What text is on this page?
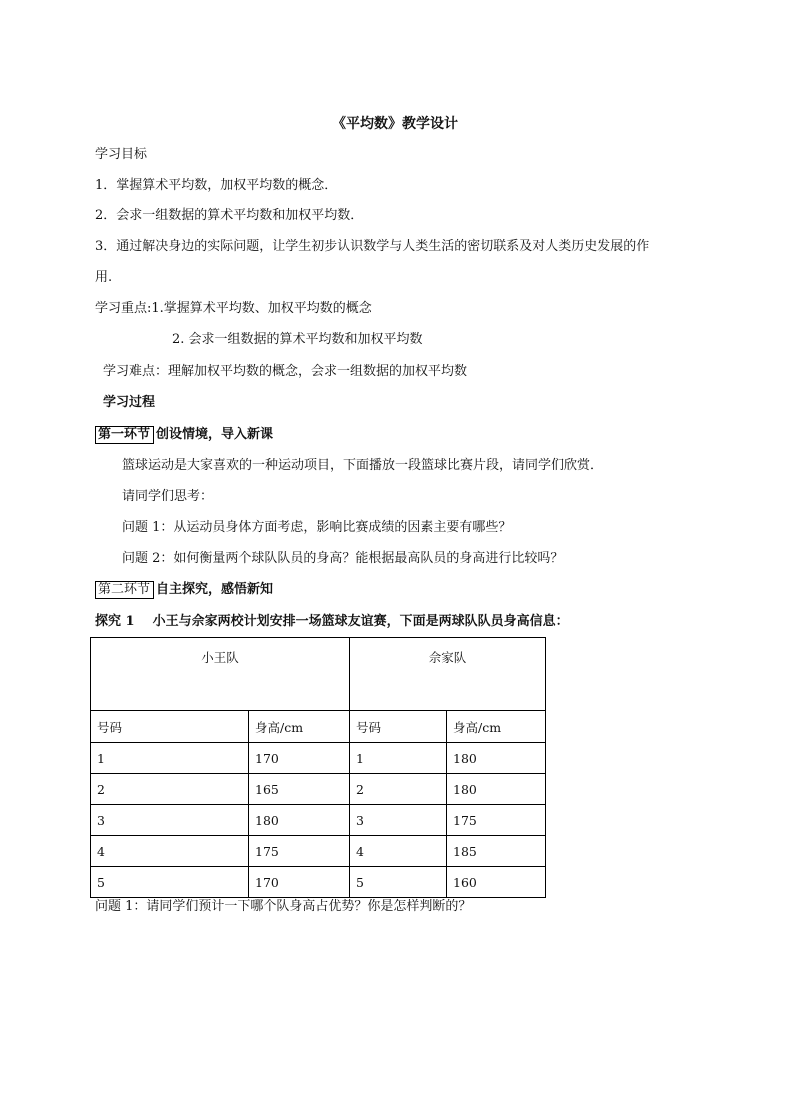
《平均数》教学设计
学习目标
1．掌握算术平均数，加权平均数的概念．
2．会求一组数据的算术平均数和加权平均数．
3．通过解决身边的实际问题，让学生初步认识数学与人类生活的密切联系及对人类历史发展的作
用.
学习重点:1.掌握算术平均数、加权平均数的概念
2. 会求一组数据的算术平均数和加权平均数
学习难点：理解加权平均数的概念，会求一组数据的加权平均数
学习过程
第一环节 创设情境，导入新课
篮球运动是大家喜欢的一种运动项目，下面播放一段篮球比赛片段，请同学们欣赏．
请同学们思考：
问题 1：从运动员身体方面考虑，影响比赛成绩的因素主要有哪些？
问题 2：如何衡量两个球队队员的身高？能根据最高队员的身高进行比较吗？
第二环节 自主探究，感悟新知
探究 1 小王与佘家两校计划安排一场篮球友谊赛，下面是两球队队员身高信息：
小王队		佘家队	
号码	身高/cm	号码	身高/cm
1	170	1	180
2	165	2	180
3	180	3	175
4	175	4	185
5	170	5	160
问题 1：请同学们预计一下哪个队身高占优势？你是怎样判断的？
